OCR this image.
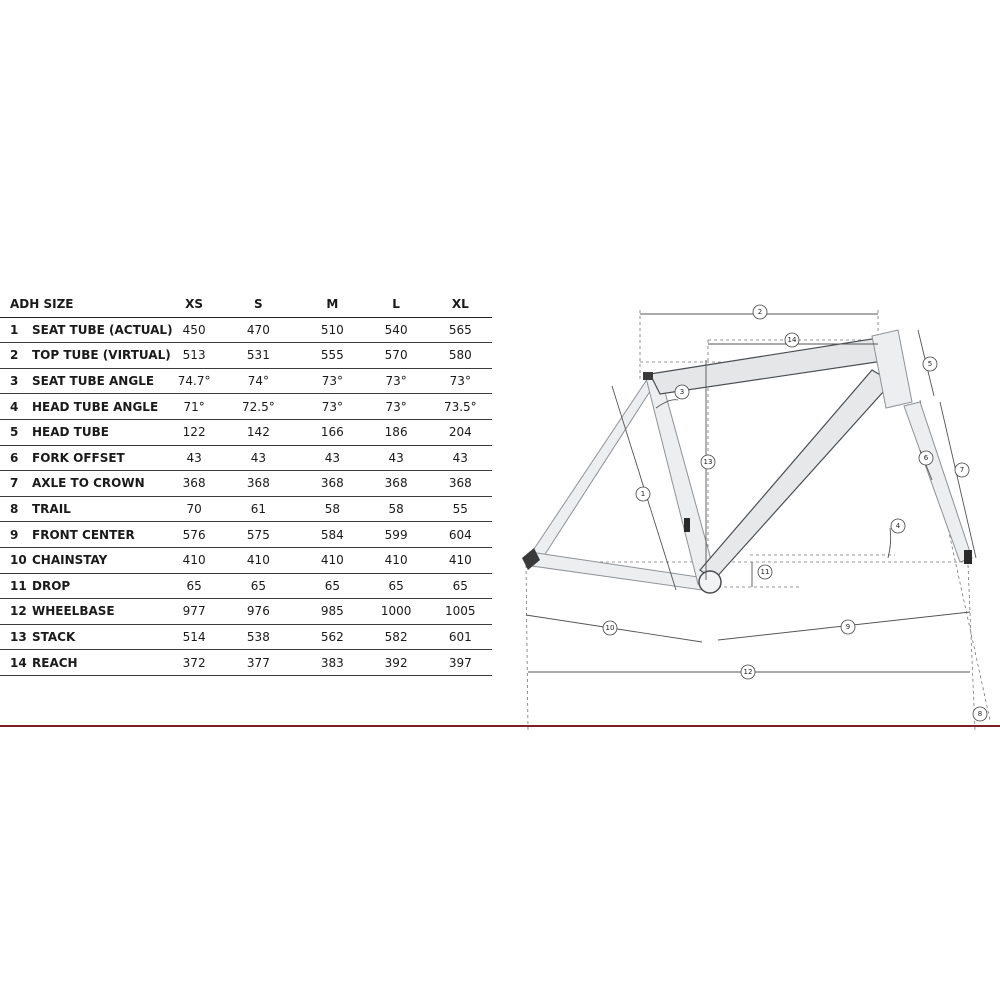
ADH SIZE	XS	S	M	L	XL
1 SEAT TUBE (ACTUAL)	450	470	510	540	565
2 TOP TUBE (VIRTUAL)	513	531	555	570	580
3 SEAT TUBE ANGLE	74.7°	74°	73°	73°	73°
4 HEAD TUBE ANGLE	71°	72.5°	73°	73°	73.5°
5 HEAD TUBE	122	142	166	186	204
6 FORK OFFSET	43	43	43	43	43
7 AXLE TO CROWN	368	368	368	368	368
8 TRAIL	70	61	58	58	55
9 FRONT CENTER	576	575	584	599	604
10 CHAINSTAY	410	410	410	410	410
11 DROP	65	65	65	65	65
12 WHEELBASE	977	976	985	1000	1005
13 STACK	514	538	562	582	601
14 REACH	372	377	383	392	397
1
2
3
4
5
6
7
8
9
10
11
12
13
14
